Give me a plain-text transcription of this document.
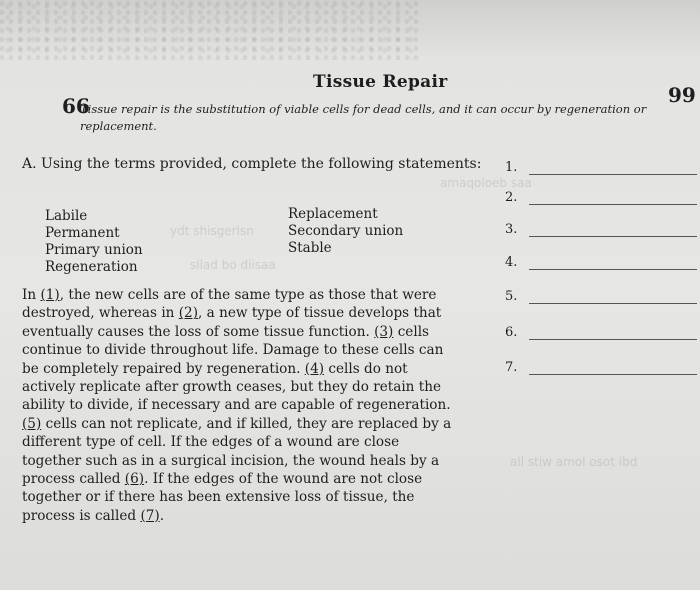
amaqoloeb saa
ydt shisgerlsn
sllad bo diisaa
all stiw amol osot ibd
Tissue Repair
66	99
Tissue repair is the substitution of viable cells for dead cells, and it can occur by regeneration or replacement.
A. Using the terms provided, complete the following statements:
Labile
Permanent
Primary union
Regeneration
Replacement
Secondary union
Stable
In (1), the new cells are of the same type as those that were destroyed, whereas in (2), a new type of tissue develops that eventually causes the loss of some tissue function. (3) cells continue to divide throughout life. Damage to these cells can be completely repaired by regeneration. (4) cells do not actively replicate after growth ceases, but they do retain the ability to divide, if necessary and are capable of regeneration. (5) cells can not replicate, and if killed, they are replaced by a different type of cell. If the edges of a wound are close together such as in a surgical incision, the wound heals by a process called (6). If the edges of the wound are not close together or if there has been extensive loss of tissue, the process is called (7).
1.
2.
3.
4.
5.
6.
7.
